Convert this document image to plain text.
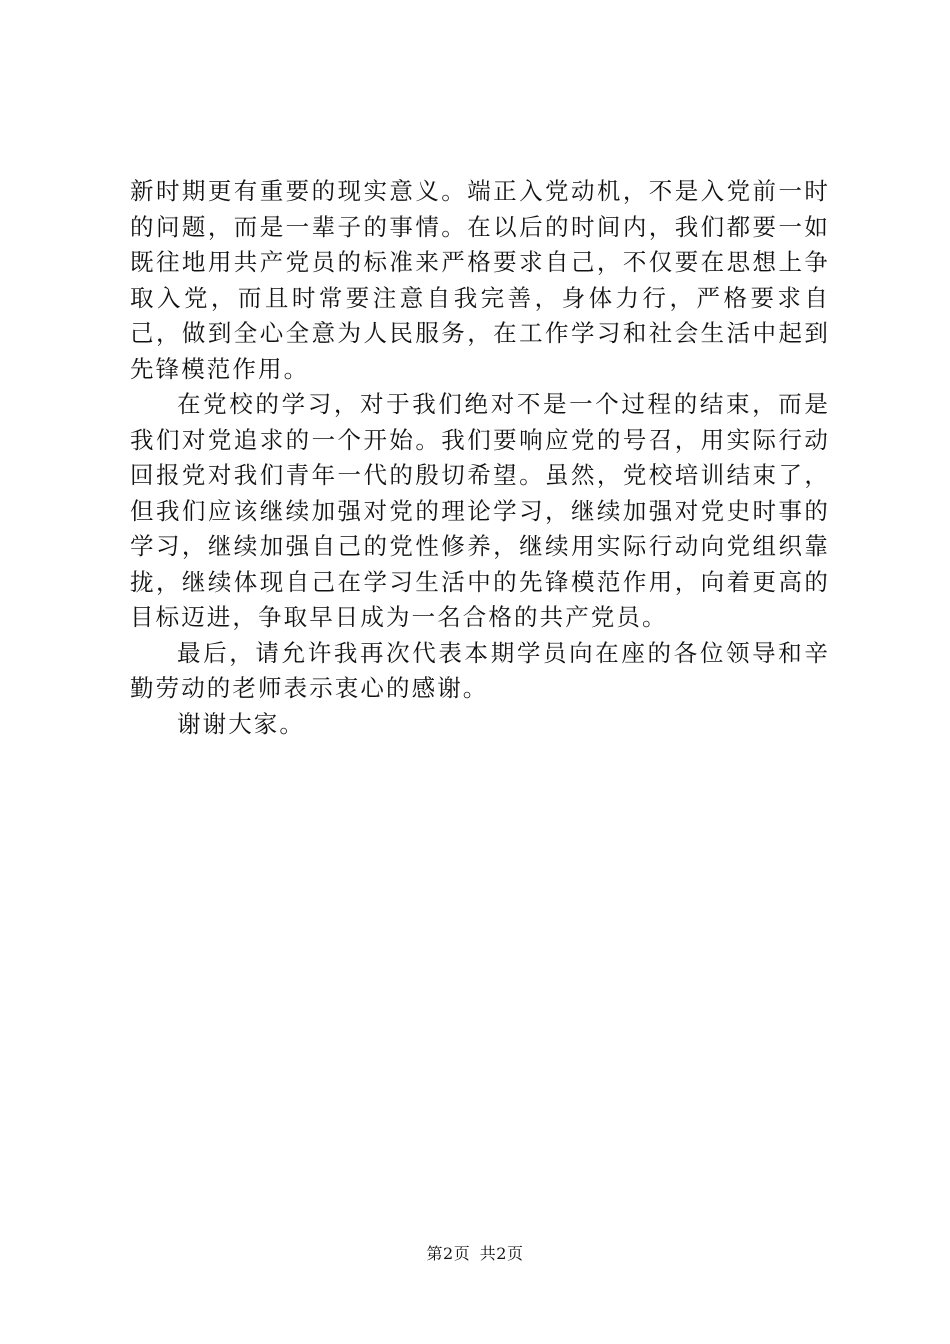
新时期更有重要的现实意义。端正入党动机，不是入党前一时的问题，而是一辈子的事情。在以后的时间内，我们都要一如既往地用共产党员的标准来严格要求自己，不仅要在思想上争取入党，而且时常要注意自我完善，身体力行，严格要求自己，做到全心全意为人民服务，在工作学习和社会生活中起到先锋模范作用。

在党校的学习，对于我们绝对不是一个过程的结束，而是我们对党追求的一个开始。我们要响应党的号召，用实际行动回报党对我们青年一代的殷切希望。虽然，党校培训结束了，但我们应该继续加强对党的理论学习，继续加强对党史时事的学习，继续加强自己的党性修养，继续用实际行动向党组织靠拢，继续体现自己在学习生活中的先锋模范作用，向着更高的目标迈进，争取早日成为一名合格的共产党员。

最后，请允许我再次代表本期学员向在座的各位领导和辛勤劳动的老师表示衷心的感谢。

谢谢大家。

第2页 共2页
